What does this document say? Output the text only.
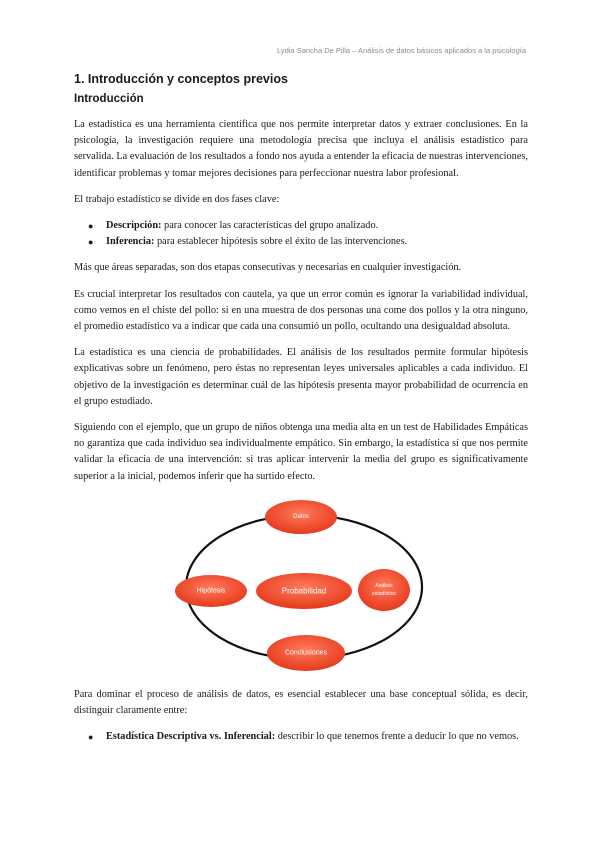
Lydia Sancha De Pilla – Análisis de datos básicos aplicados a la psicología
1. Introducción y conceptos previos
Introducción

La estadística es una herramienta científica que nos permite interpretar datos y extraer conclusiones. En la psicología, la investigación requiere una metodología precisa que incluya el análisis estadístico para servalida. La evaluación de los resultados a fondo nos ayuda a entender la eficacia de nuestras intervenciones, identificar problemas y tomar mejores decisiones para perfeccionar nuestra labor profesional.

El trabajo estadístico se divide en dos fases clave:

● Descripción: para conocer las características del grupo analizado.
● Inferencia: para establecer hipótesis sobre el éxito de las intervenciones.

Más que áreas separadas, son dos etapas consecutivas y necesarias en cualquier investigación.

Es crucial interpretar los resultados con cautela, ya que un error común es ignorar la variabilidad individual, como vemos en el chiste del pollo: si en una muestra de dos personas una come dos pollos y la otra ninguno, el promedio estadístico va a indicar que cada una consumió un pollo, ocultando una desigualdad absoluta.

La estadística es una ciencia de probabilidades. El análisis de los resultados permite formular hipótesis explicativas sobre un fenómeno, pero éstas no representan leyes universales aplicables a cada individuo. El objetivo de la investigación es determinar cuál de las hipótesis presenta mayor probabilidad de ocurrencia en el grupo estudiado.

Siguiendo con el ejemplo, que un grupo de niños obtenga una media alta en un test de Habilidades Empáticas no garantiza que cada individuo sea individualmente empático. Sin embargo, la estadística sí que nos permite validar la eficacia de una intervención: si tras aplicar intervenir la media del grupo es significativamente superior a la inicial, podemos inferir que ha surtido efecto.

Datos
Hipótesis	Probabilidad
Análisis
estadístico
Conclusiones

Para dominar el proceso de análisis de datos, es esencial establecer una base conceptual sólida, es decir, distinguir claramente entre:

● Estadística Descriptiva vs. Inferencial: describir lo que tenemos frente a deducir lo que no vemos.
